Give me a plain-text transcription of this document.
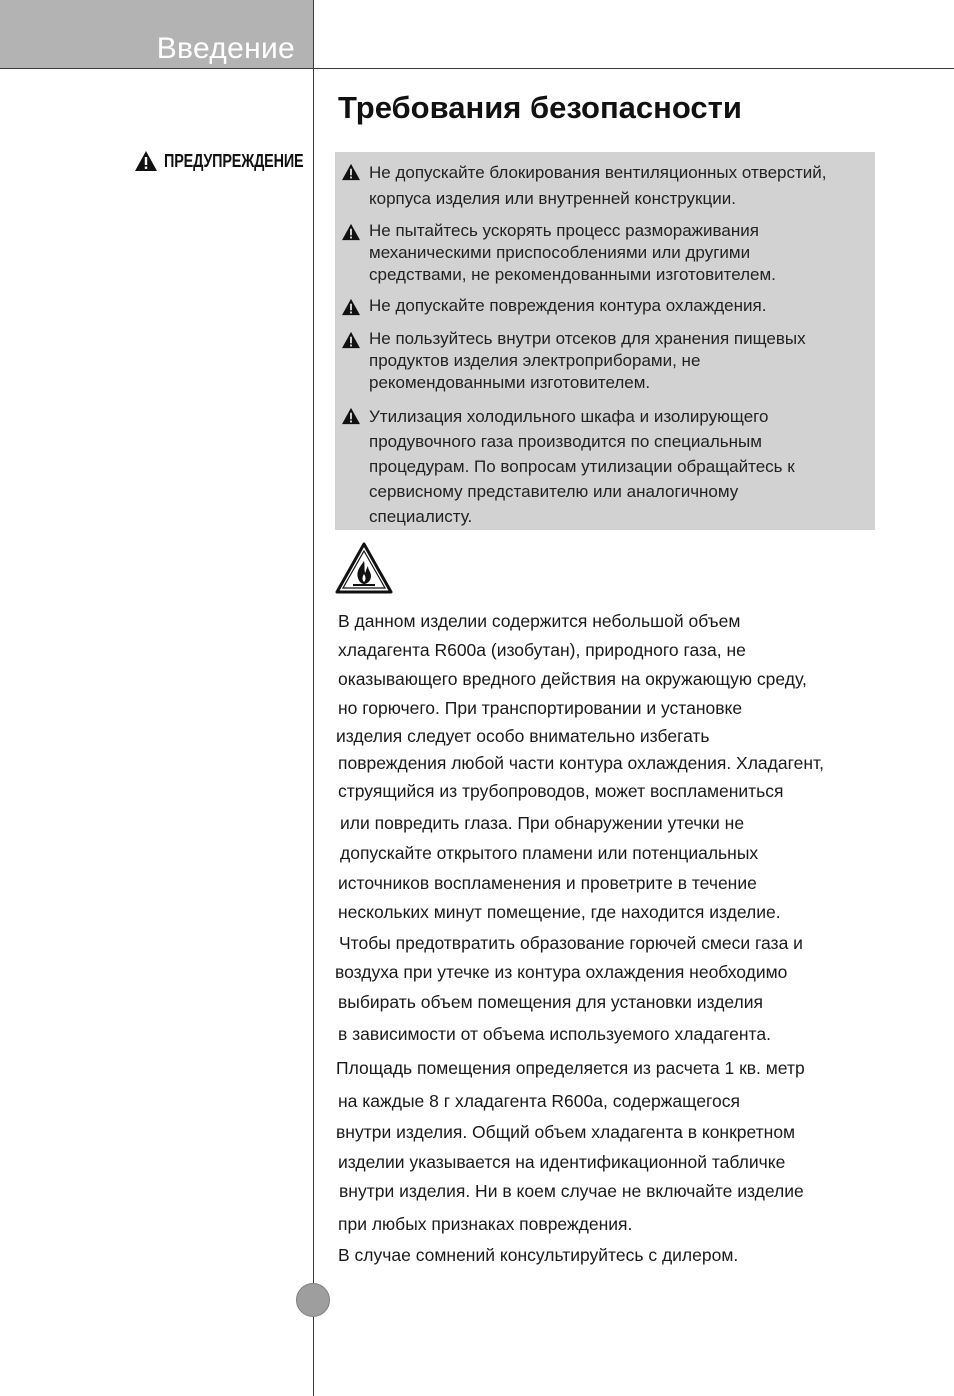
Введение
Требования безопасности
ПРЕДУПРЕЖДЕНИЕ
Не допускайте блокирования вентиляционных отверстий,
корпуса изделия или внутренней конструкции.
Не пытайтесь ускорять процесс размораживания
механическими приспособлениями или другими
средствами, не рекомендованными изготовителем.
Не допускайте повреждения контура охлаждения.
Не пользуйтесь внутри отсеков для хранения пищевых
продуктов изделия электроприборами, не
рекомендованными изготовителем.
Утилизация холодильного шкафа и изолирующего
продувочного газа производится по специальным
процедурам. По вопросам утилизации обращайтесь к
сервисному представителю или аналогичному
специалисту.
В данном изделии содержится небольшой объем
хладагента R600a (изобутан), природного газа, не
оказывающего вредного действия на окружающую среду,
но горючего. При транспортировании и установке
изделия следует особо внимательно избегать
повреждения любой части контура охлаждения. Хладагент,
струящийся из трубопроводов, может воспламениться
или повредить глаза. При обнаружении утечки не
допускайте открытого пламени или потенциальных
источников воспламенения и проветрите в течение
нескольких минут помещение, где находится изделие.
Чтобы предотвратить образование горючей смеси газа и
воздуха при утечке из контура охлаждения необходимо
выбирать объем помещения для установки изделия
в зависимости от объема используемого хладагента.
Площадь помещения определяется из расчета 1 кв. метр
на каждые 8 г хладагента R600a, содержащегося
внутри изделия. Общий объем хладагента в конкретном
изделии указывается на идентификационной табличке
внутри изделия. Ни в коем случае не включайте изделие
при любых признаках повреждения.
В случае сомнений консультируйтесь с дилером.
